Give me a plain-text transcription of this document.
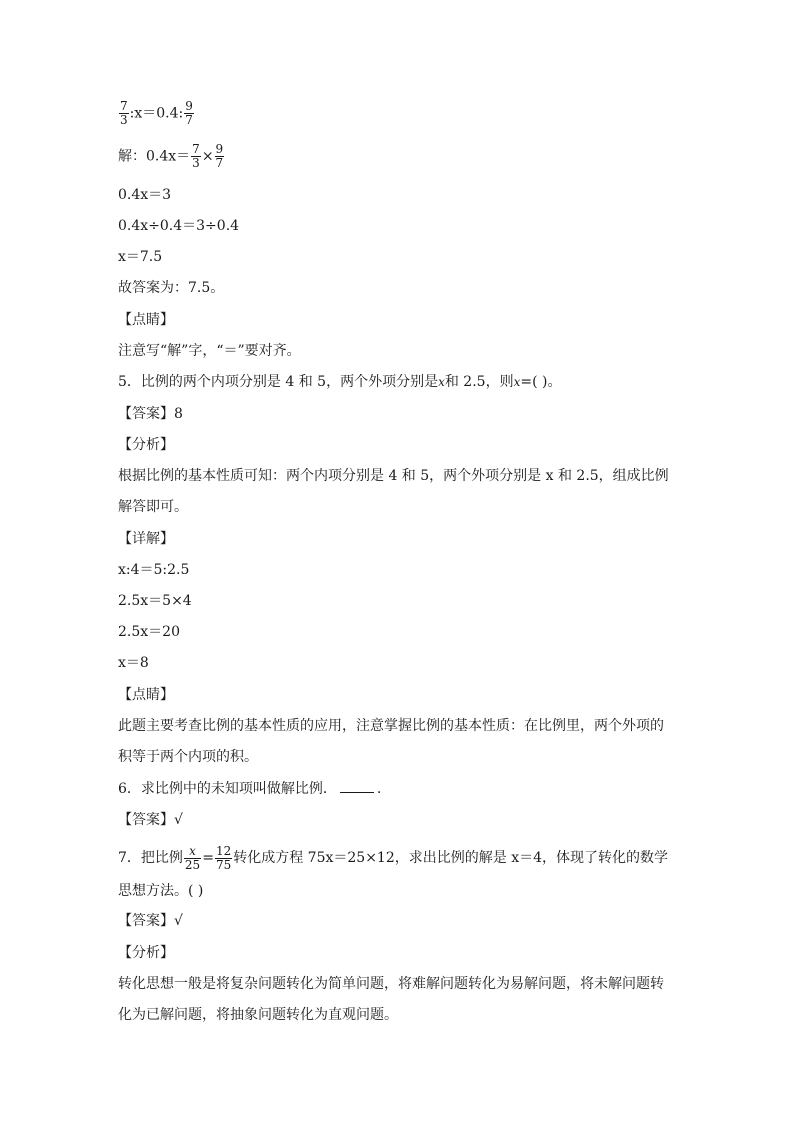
$\frac{7}{3}$ :x＝0.4: $\frac{9}{7}$
解：$0.4x= \frac{7}{3} \times \frac{9}{7}$
0.4x＝3
0.4x÷0.4＝3÷0.4
x＝7.5
故答案为：7.5。
【点睛】
注意写“解”字，“＝”要对齐。
5．比例的两个内项分别是 4 和 5，两个外项分别是x和 2.5，则x=( )。
【答案】8
【分析】
根据比例的基本性质可知：两个内项分别是 4 和 5，两个外项分别是 x 和 2.5，组成比例解答即可。
【详解】
x:4＝5:2.5
2.5x＝5×4
2.5x＝20
x＝8
【点睛】
此题主要考查比例的基本性质的应用，注意掌握比例的基本性质：在比例里，两个外项的积等于两个内项的积。
6．求比例中的未知项叫做解比例．	.
【答案】√
7．把比例 $\frac{x}{25} = \frac{12}{75}$ 转化成方程 75x＝25×12，求出比例的解是 x＝4，体现了转化的数学思想方法。( )
【答案】√
【分析】
转化思想一般是将复杂问题转化为简单问题，将难解问题转化为易解问题，将未解问题转化为已解问题，将抽象问题转化为直观问题。
